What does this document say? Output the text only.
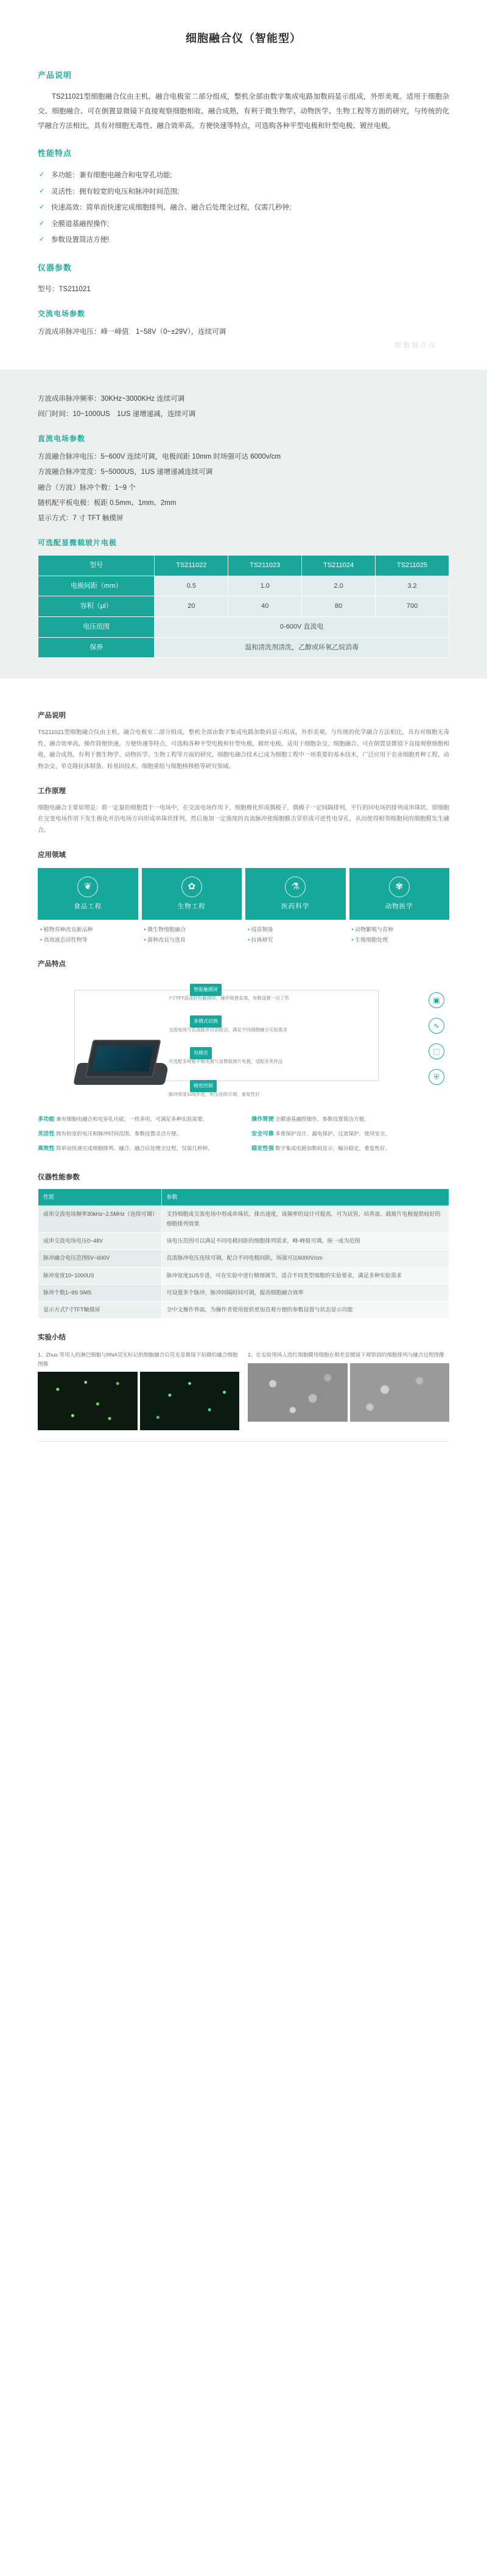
细胞融合仪（智能型）
产品说明

TS211021型细胞融合仪由主机、融合电极室二部分组成，整机全部由数字集成电路加数码显示组成，外形美观。适用于细胞杂交、细胞融合、可在倒置显微镜下直接观察细胞相收、融合成熟，有利于微生物学、动物医学、生物工程等方面的研究，与传统的化学融合方法相比，具有对细胞无毒性、融合效率高。方便快速等特点，可选购各种平型电极和针型电极、镀丝电极。

性能特点
✓ 多功能：兼有细胞电融合和电穿孔功能;
✓ 灵活性：拥有较宽的电压和脉冲时间范围;
✓ 快速高效：简单而快速完成细胞排列、融合、融合后处理全过程，仅需几秒钟;
✓ 全膜道基融捏操作;
✓ 参数设置简洁方便!
仪器参数
型号：TS211021
交流电场参数
方波成串脉冲电压：峰一峰值　1~58V（0~±29V），连续可调
细胞融合仪
方波成串脉冲频率：30KHz~3000KHz 连续可调
间门时间：10~1000US　1US 递增递减，连续可调
直流电场参数
方波融合脉冲电压：5~600V 连续可调，电极间距 10mm 时场强可达 6000v/cm
方波融合脉冲宽度：5~5000US，1US 递增递减连续可调
融合（方波）脉冲个数：1~9 个
随机配平板电极：板距 0.5mm、1mm、2mm
显示方式：7 寸 TFT 触摸屏
可选配显微载玻片电极
型号	TS211022	TS211023	TS211024	TS211025
电极间距（mm）	0.5	1.0	2.0	3.2
容积（μl）	20	40	80	700
电压范围	0-600V 直流电			
保养	温和清洗剂清洗，乙醇或环氧乙烷消毒			
产品说明

TS211021型细胞融合仪由主机、融合电极室二部分组成，整机全部由数字集成电路加数码显示组成，外形美观。与传统的化学融合方法相比，具有对细胞无毒性、融合效率高，操作简便快速，方便快速等特点，可选购各种平型电极和针型电极，镀丝电极，适用于细胞杂交、细胞融合、可在倒置显微镜下直接观察细胞相收、融合成熟，有利于微生物学、动物医学、生物工程等方面的研究，细胞电融合技术已成为细胞工程中一项重要的基本技术，广泛应用于农业细胞育种工程、动物杂交、单克隆抗体制备、转基因技术、细胞重组与细胞核移植等研究领域。

工作原理

细胞电融合主要原理是：将一定量的细胞置于一电场中，在交流电场作用下，细胞极化形成偶极子，偶极子一定间隔排列，平行的同电场的排列成串珠状，即细胞在交变电场作用下发生极化并沿电场方向形成串珠状排列，然后施加一定强度的直流脉冲使细胞膜击穿形成可逆性电穿孔，从而使得相邻细胞间的细胞膜发生融合。

应用领域
❦
食品工程
✿
生物工程
⚗
医药科学
✾
动物医学
• 植物育种改良新品种
• 高效液态活性物等
• 微生物细胞融合
• 菌种改良与选育
• 疫苗制备
• 抗体研究
• 动物繁殖与育种
• 生殖细胞处理
产品特点
智能触摸屏
7寸TFT高清彩色触摸屏，操作简便直观，参数设置一目了然
多模式切换
交流电场与直流脉冲自由组合，满足不同细胞融合实验需求
电极室
可选配多规格平板电极与显微载玻片电极，适配各类样品
精密控制
脉冲宽度1US步进，电压连续可调，重复性好
▣
∿
⬚
⛨
多功能 兼有细胞电融合和电穿孔功能，一机多用，可满足多种实验需要。
灵活性 拥有较宽的电压和脉冲时间范围，参数设置灵活方便。
高效性 简单而快速完成细胞排列、融合、融合后处理全过程，仅需几秒钟。
操作简便 全膜道基融捏操作，参数设置简洁方便。
安全可靠 多重保护设计，漏电保护，过流保护，使用安全。
稳定性强 数字集成电路加数码显示，输出稳定，重复性好。
仪器性能参数
性能	参数
成串交流电场频率30kHz~2.5MHz（连续可调）	支持细胞成交流电场中形成串珠状，排出速度，该频率的设计可提高，可为试管、培养皿、载玻片电极提供较好的细胞排列效果
成串交流电场电压0~48V	该电压范围可以满足不同电极间距的细胞排列需求，峰-峰值可调，统一成为范围
脉冲融合电压范围5V~600V	直流脉冲电压连续可调，配合不同电极间距，场强可达6000V/cm
脉冲宽度10~1000US	脉冲宽度1US步进，可在实验中进行精细调节，适合不同类型细胞的实验要求，满足多种实验需求
脉冲个数1~9S SMS	可设置多个脉冲，脉冲间隔时间可调，提高细胞融合效率
显示方式7寸TFT触摸屏	全中文操作界面，为操作者使用提供更加直观方便的参数设置与状态显示功能
实验小结
1、Zhuo 等用人的淋巴细胞与RNA荧光标记的细胞融合后荧光显微镜下拍摄的融合细胞图像
2、在实验现场人造红细胞膜用细胞在相差显微镜下观察到的细胞排列与融合过程图像
